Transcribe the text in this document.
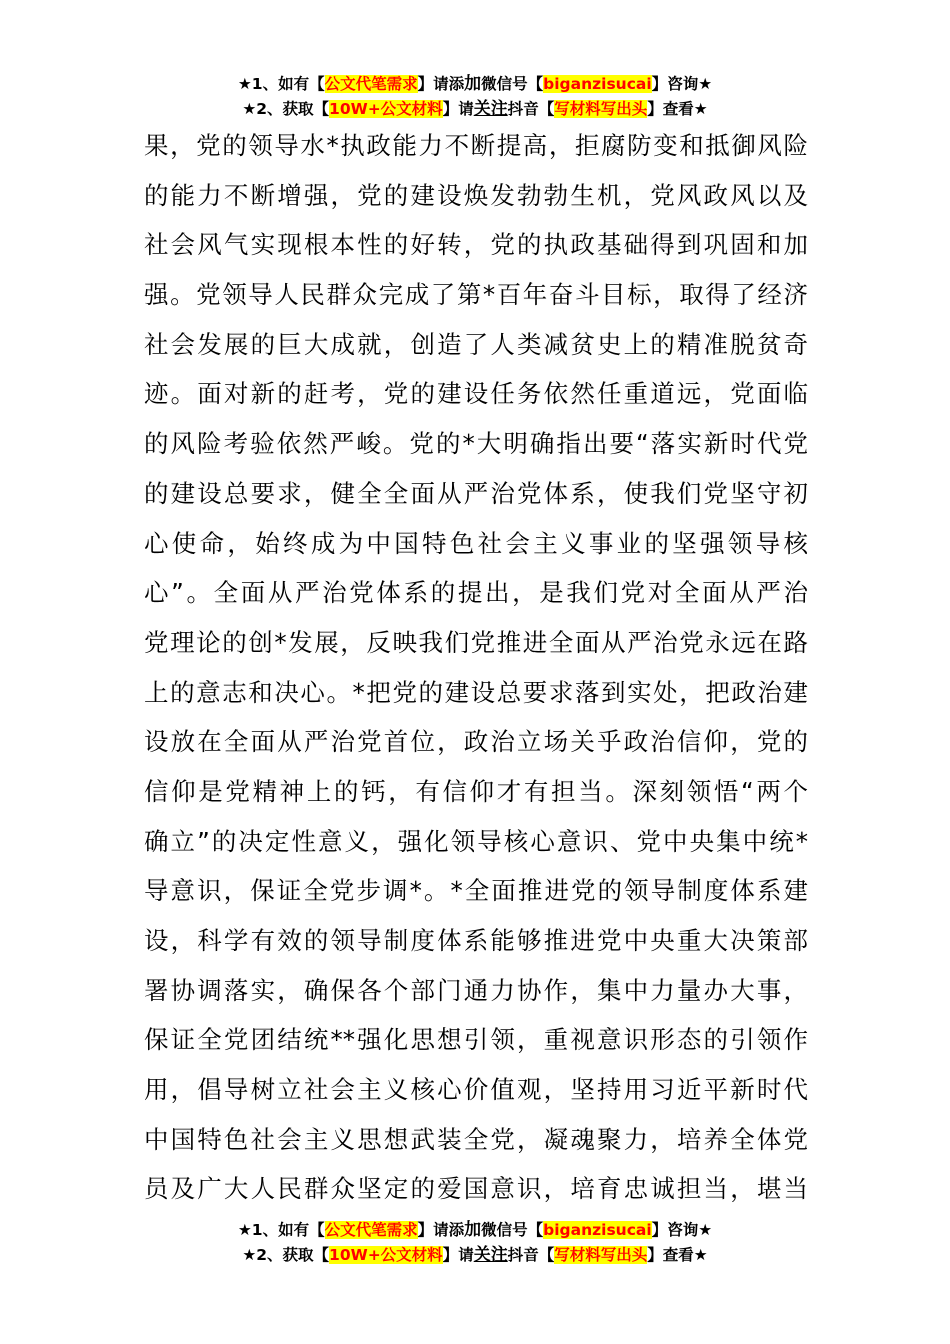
★1、如有【公文代笔需求】请添加微信号【biganzisucai】咨询★
★2、获取【10W+公文材料】请关注抖音【写材料写出头】查看★
果，党的领导水*执政能力不断提高，拒腐防变和抵御风险
的能力不断增强，党的建设焕发勃勃生机，党风政风以及
社会风气实现根本性的好转，党的执政基础得到巩固和加
强。党领导人民群众完成了第*百年奋斗目标，取得了经济
社会发展的巨大成就，创造了人类减贫史上的精准脱贫奇
迹。面对新的赶考，党的建设任务依然任重道远，党面临
的风险考验依然严峻。党的*大明确指出要“落实新时代党
的建设总要求，健全全面从严治党体系，使我们党坚守初
心使命，始终成为中国特色社会主义事业的坚强领导核
心”。全面从严治党体系的提出，是我们党对全面从严治
党理论的创*发展，反映我们党推进全面从严治党永远在路
上的意志和决心。*把党的建设总要求落到实处，把政治建
设放在全面从严治党首位，政治立场关乎政治信仰，党的
信仰是党精神上的钙，有信仰才有担当。深刻领悟“两个
确立”的决定性意义，强化领导核心意识、党中央集中统*
导意识，保证全党步调*。*全面推进党的领导制度体系建
设，科学有效的领导制度体系能够推进党中央重大决策部
署协调落实，确保各个部门通力协作，集中力量办大事，
保证全党团结统**强化思想引领，重视意识形态的引领作
用，倡导树立社会主义核心价值观，坚持用习近平新时代
中国特色社会主义思想武装全党，凝魂聚力，培养全体党
员及广大人民群众坚定的爱国意识，培育忠诚担当，堪当
★1、如有【公文代笔需求】请添加微信号【biganzisucai】咨询★
★2、获取【10W+公文材料】请关注抖音【写材料写出头】查看★
